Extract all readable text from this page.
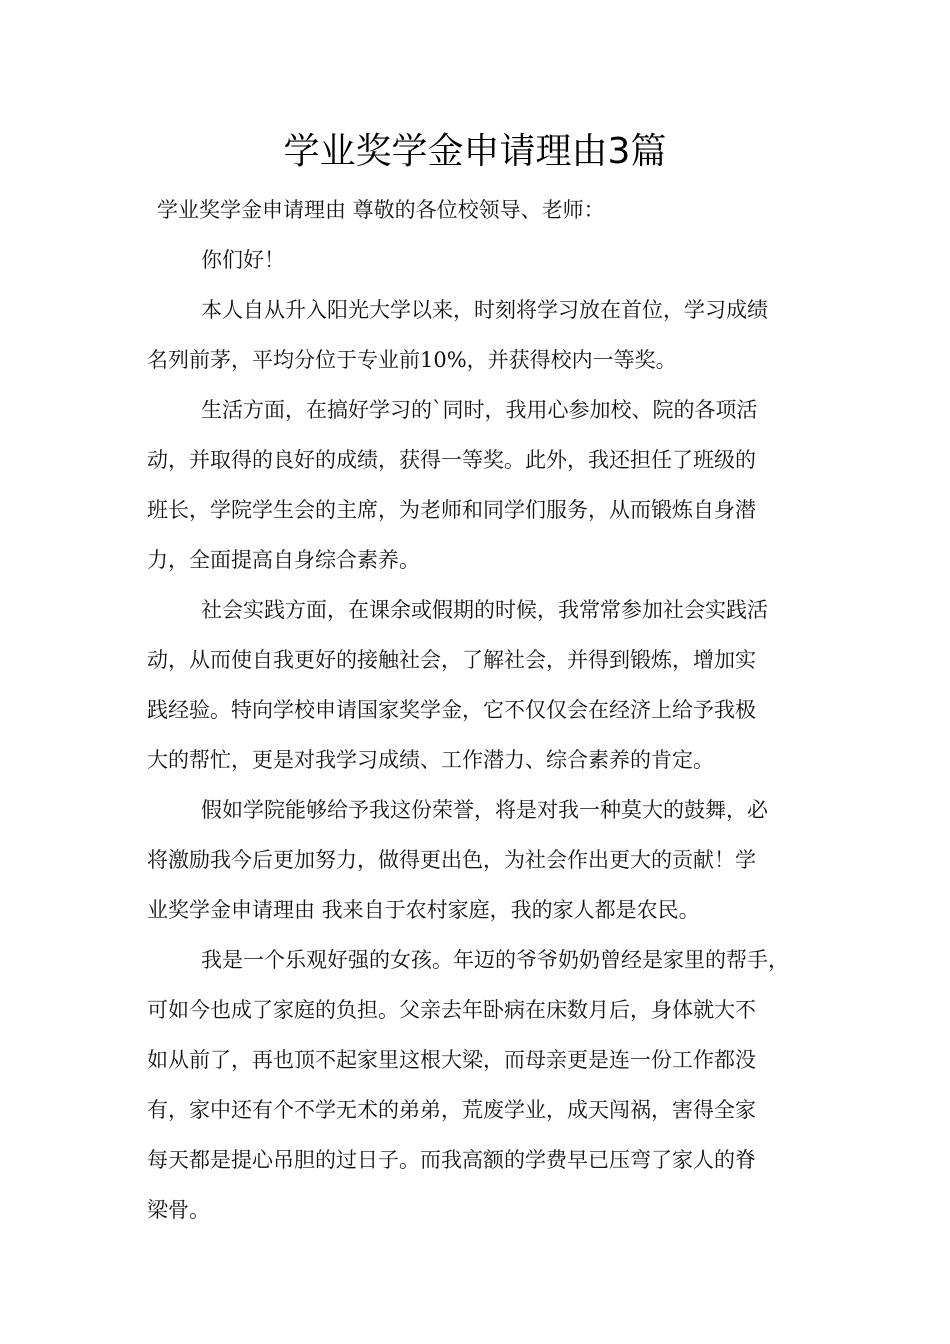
学业奖学金申请理由3篇
学业奖学金申请理由 尊敬的各位校领导、老师：
你们好！
本人自从升入阳光大学以来，时刻将学习放在首位，学习成绩
名列前茅，平均分位于专业前10%，并获得校内一等奖。
生活方面，在搞好学习的`同时，我用心参加校、院的各项活
动，并取得的良好的成绩，获得一等奖。此外，我还担任了班级的
班长，学院学生会的主席，为老师和同学们服务，从而锻炼自身潜
力，全面提高自身综合素养。
社会实践方面，在课余或假期的时候，我常常参加社会实践活
动，从而使自我更好的接触社会，了解社会，并得到锻炼，增加实
践经验。特向学校申请国家奖学金，它不仅仅会在经济上给予我极
大的帮忙，更是对我学习成绩、工作潜力、综合素养的肯定。
假如学院能够给予我这份荣誉，将是对我一种莫大的鼓舞，必
将激励我今后更加努力，做得更出色，为社会作出更大的贡献！学
业奖学金申请理由 我来自于农村家庭，我的家人都是农民。
我是一个乐观好强的女孩。年迈的爷爷奶奶曾经是家里的帮手，
可如今也成了家庭的负担。父亲去年卧病在床数月后，身体就大不
如从前了，再也顶不起家里这根大梁，而母亲更是连一份工作都没
有，家中还有个不学无术的弟弟，荒废学业，成天闯祸，害得全家
每天都是提心吊胆的过日子。而我高额的学费早已压弯了家人的脊
梁骨。
